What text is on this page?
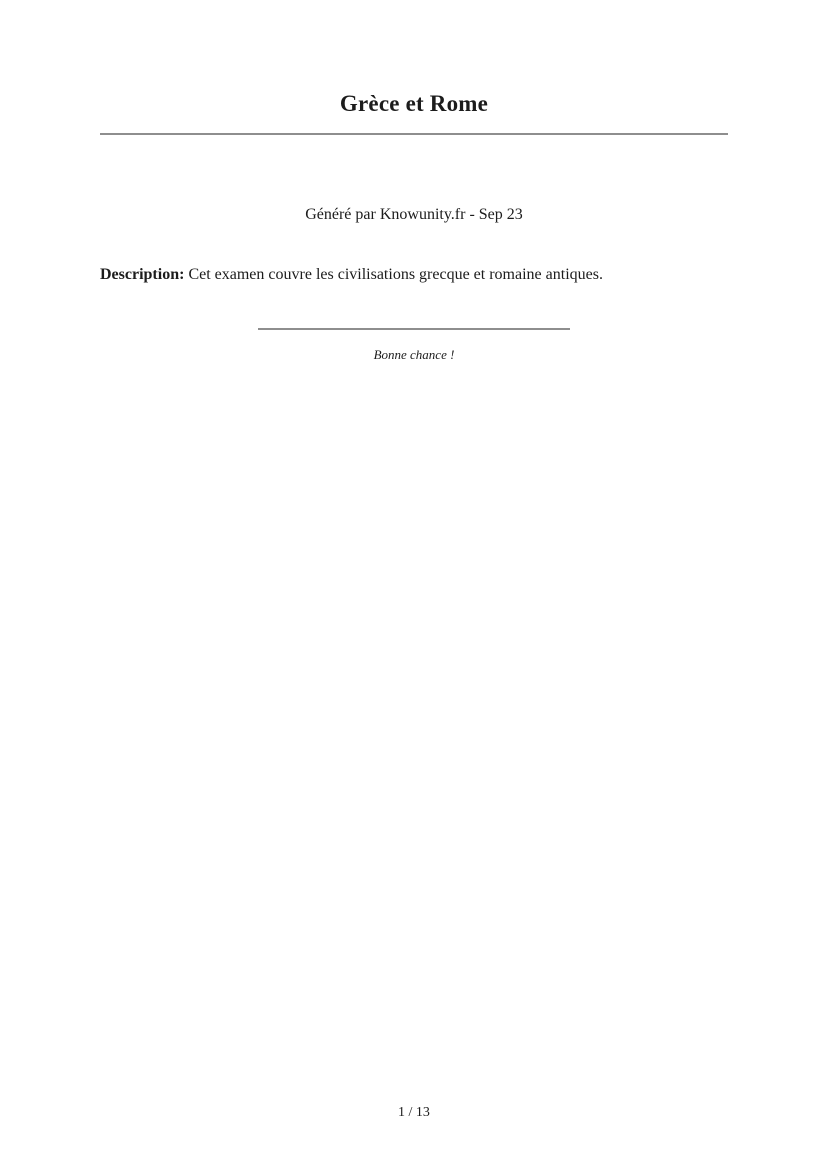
Grèce et Rome
Généré par Knowunity.fr - Sep 23

Description: Cet examen couvre les civilisations grecque et romaine antiques.

Bonne chance !
1 / 13
